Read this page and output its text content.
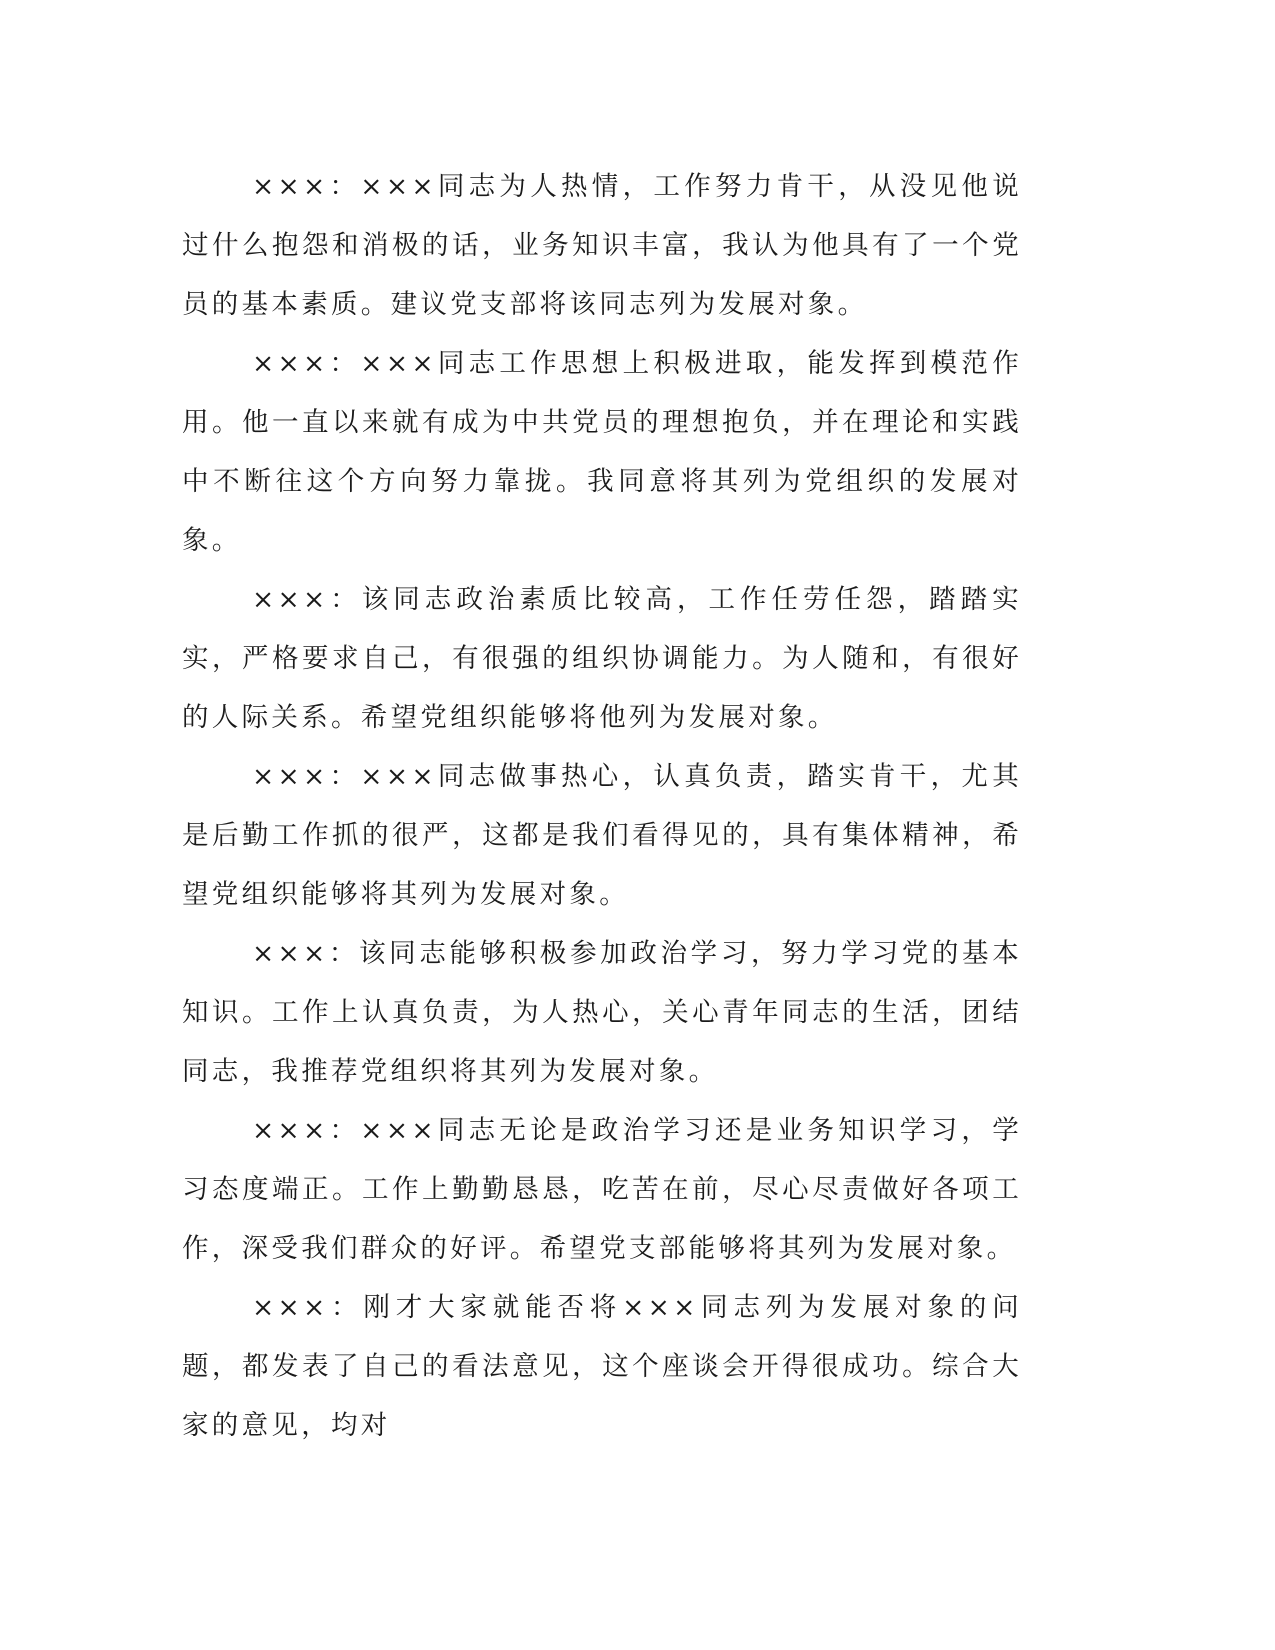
×××：×××同志为人热情，工作努力肯干，从没见他说过什么抱怨和消极的话，业务知识丰富，我认为他具有了一个党员的基本素质。建议党支部将该同志列为发展对象。

×××：×××同志工作思想上积极进取，能发挥到模范作用。他一直以来就有成为中共党员的理想抱负，并在理论和实践中不断往这个方向努力靠拢。我同意将其列为党组织的发展对象。

×××：该同志政治素质比较高，工作任劳任怨，踏踏实实，严格要求自己，有很强的组织协调能力。为人随和，有很好的人际关系。希望党组织能够将他列为发展对象。

×××：×××同志做事热心，认真负责，踏实肯干，尤其是后勤工作抓的很严，这都是我们看得见的，具有集体精神，希望党组织能够将其列为发展对象。

×××：该同志能够积极参加政治学习，努力学习党的基本知识。工作上认真负责，为人热心，关心青年同志的生活，团结同志，我推荐党组织将其列为发展对象。

×××：×××同志无论是政治学习还是业务知识学习，学习态度端正。工作上勤勤恳恳，吃苦在前，尽心尽责做好各项工作，深受我们群众的好评。希望党支部能够将其列为发展对象。

×××：刚才大家就能否将×××同志列为发展对象的问题，都发表了自己的看法意见，这个座谈会开得很成功。综合大家的意见，均对
